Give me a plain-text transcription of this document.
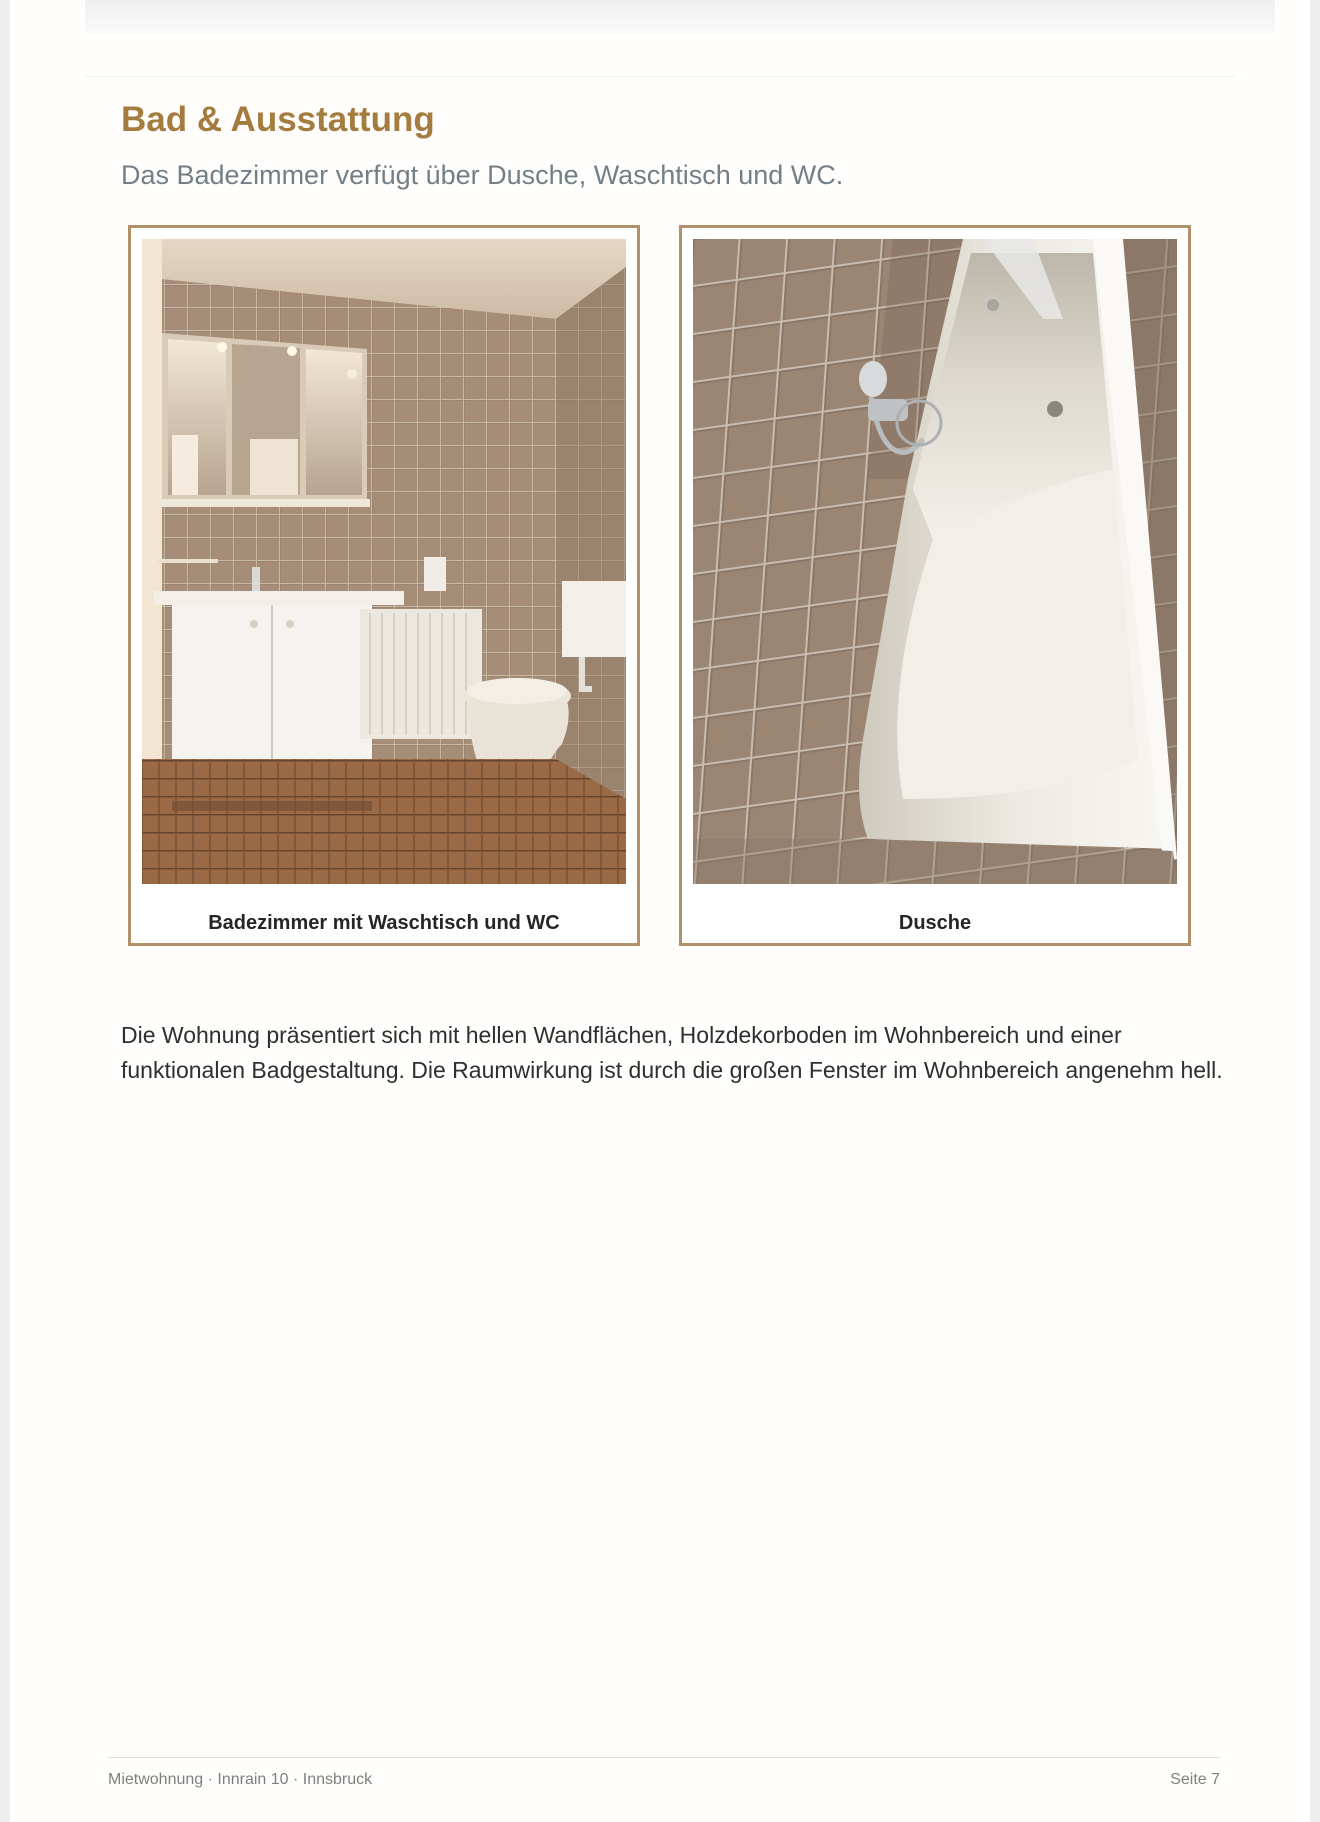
Bad & Ausstattung

Das Badezimmer verfügt über Dusche, Waschtisch und WC.

Badezimmer mit Waschtisch und WC	Dusche

Die Wohnung präsentiert sich mit hellen Wandflächen, Holzdekorboden im Wohnbereich und einer funktionalen Badgestaltung. Die Raumwirkung ist durch die großen Fenster im Wohnbereich angenehm hell.

Mietwohnung · Innrain 10 · Innsbruck	Seite 7
